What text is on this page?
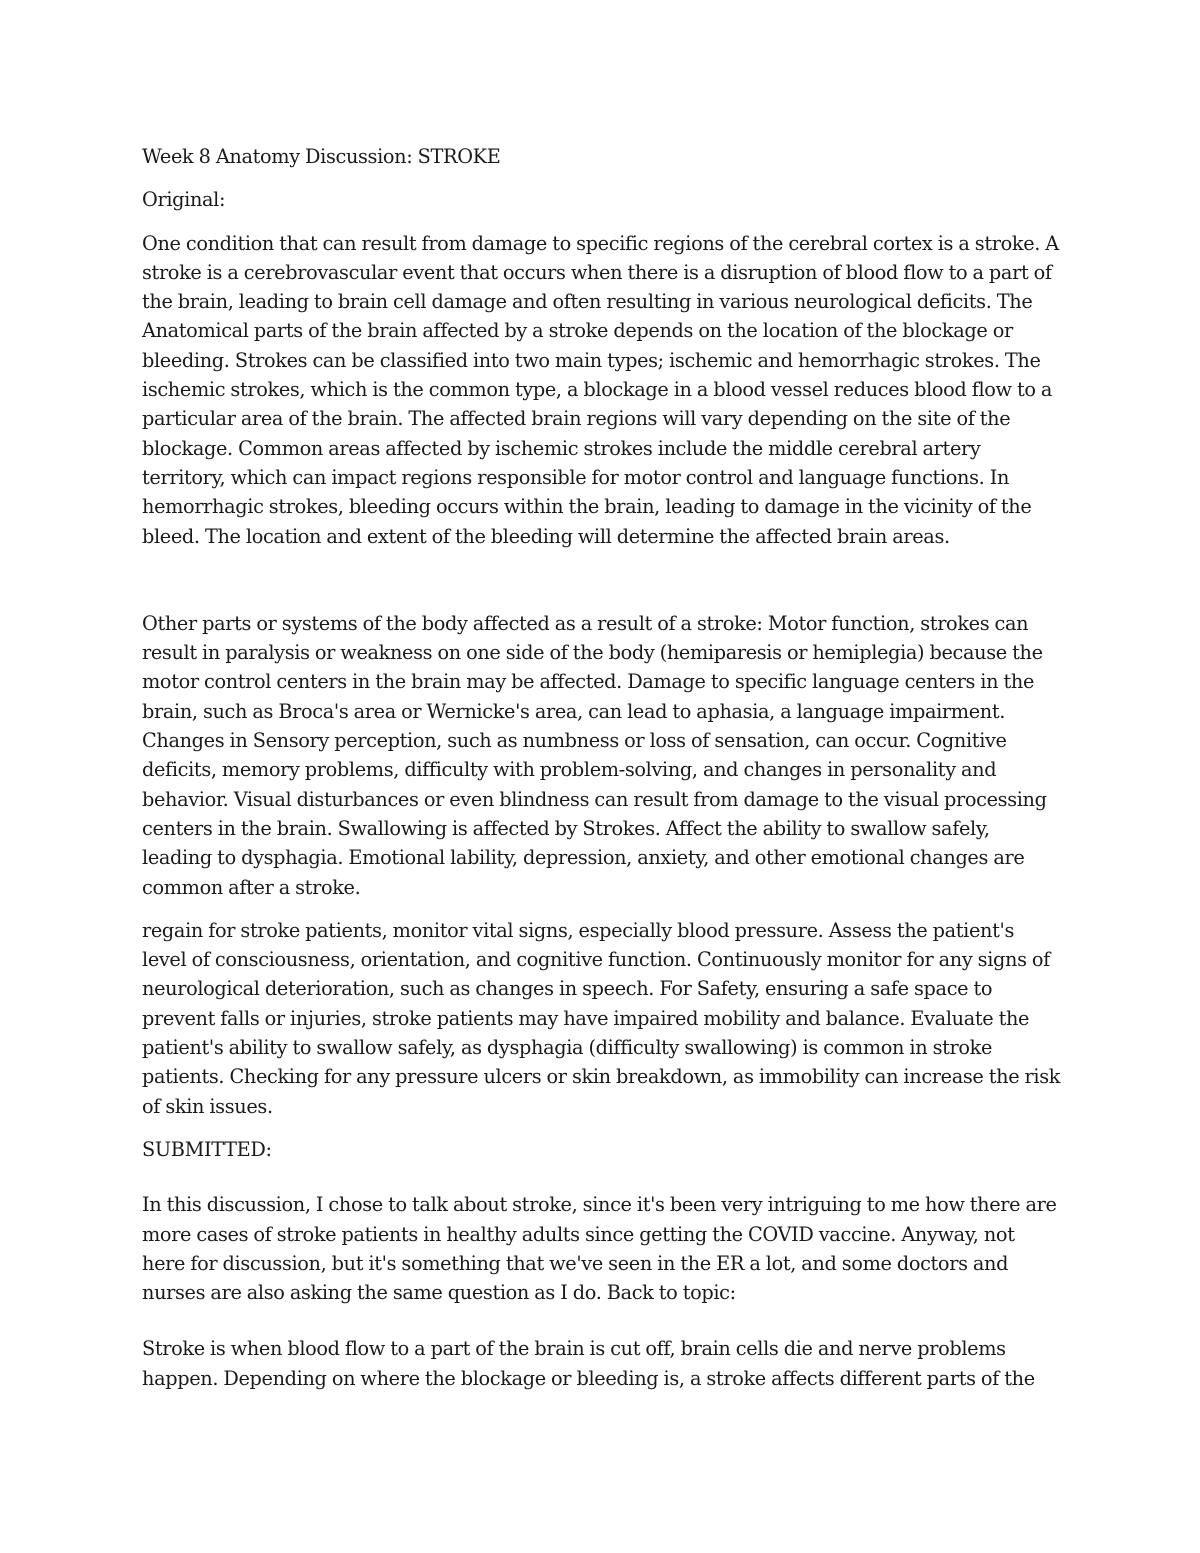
Week 8 Anatomy Discussion: STROKE

Original:

One condition that can result from damage to specific regions of the cerebral cortex is a stroke. A stroke is a cerebrovascular event that occurs when there is a disruption of blood flow to a part of the brain, leading to brain cell damage and often resulting in various neurological deficits. The Anatomical parts of the brain affected by a stroke depends on the location of the blockage or bleeding. Strokes can be classified into two main types; ischemic and hemorrhagic strokes. The ischemic strokes, which is the common type, a blockage in a blood vessel reduces blood flow to a particular area of the brain. The affected brain regions will vary depending on the site of the blockage. Common areas affected by ischemic strokes include the middle cerebral artery territory, which can impact regions responsible for motor control and language functions. In hemorrhagic strokes, bleeding occurs within the brain, leading to damage in the vicinity of the bleed. The location and extent of the bleeding will determine the affected brain areas.

Other parts or systems of the body affected as a result of a stroke: Motor function, strokes can result in paralysis or weakness on one side of the body (hemiparesis or hemiplegia) because the motor control centers in the brain may be affected. Damage to specific language centers in the brain, such as Broca's area or Wernicke's area, can lead to aphasia, a language impairment. Changes in Sensory perception, such as numbness or loss of sensation, can occur. Cognitive deficits, memory problems, difficulty with problem-solving, and changes in personality and behavior. Visual disturbances or even blindness can result from damage to the visual processing centers in the brain. Swallowing is affected by Strokes. Affect the ability to swallow safely, leading to dysphagia. Emotional lability, depression, anxiety, and other emotional changes are common after a stroke.

regain for stroke patients, monitor vital signs, especially blood pressure. Assess the patient's level of consciousness, orientation, and cognitive function. Continuously monitor for any signs of neurological deterioration, such as changes in speech. For Safety, ensuring a safe space to prevent falls or injuries, stroke patients may have impaired mobility and balance. Evaluate the patient's ability to swallow safely, as dysphagia (difficulty swallowing) is common in stroke patients. Checking for any pressure ulcers or skin breakdown, as immobility can increase the risk of skin issues.

SUBMITTED:

In this discussion, I chose to talk about stroke, since it's been very intriguing to me how there are more cases of stroke patients in healthy adults since getting the COVID vaccine. Anyway, not here for discussion, but it's something that we've seen in the ER a lot, and some doctors and nurses are also asking the same question as I do. Back to topic:

Stroke is when blood flow to a part of the brain is cut off, brain cells die and nerve problems happen. Depending on where the blockage or bleeding is, a stroke affects different parts of the
